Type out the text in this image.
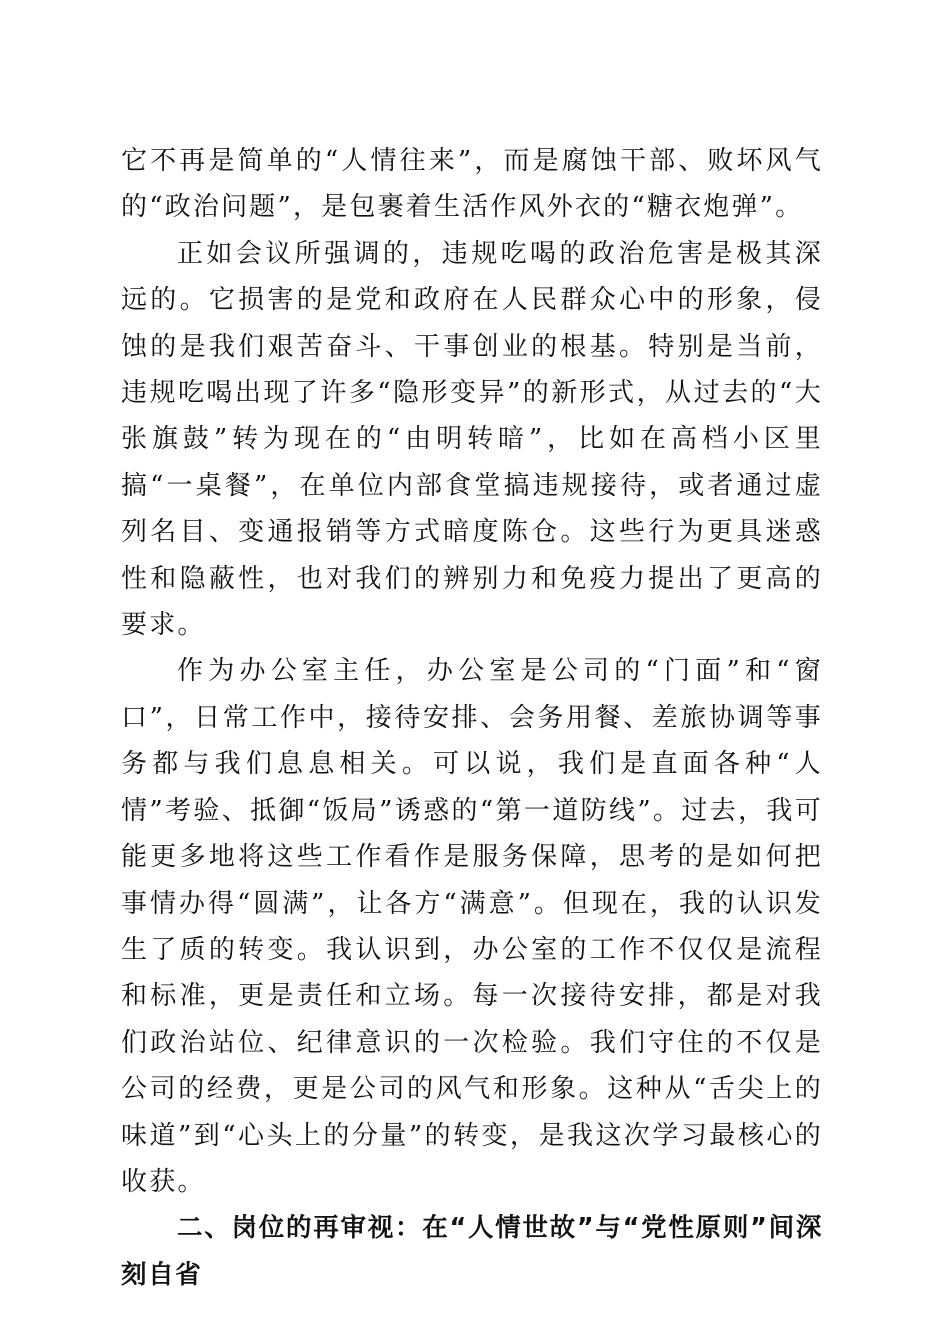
它不再是简单的“人情往来”，而是腐蚀干部、败坏风气的“政治问题”，是包裹着生活作风外衣的“糖衣炮弹”。

正如会议所强调的，违规吃喝的政治危害是极其深远的。它损害的是党和政府在人民群众心中的形象，侵蚀的是我们艰苦奋斗、干事创业的根基。特别是当前，违规吃喝出现了许多“隐形变异”的新形式，从过去的“大张旗鼓”转为现在的“由明转暗”，比如在高档小区里搞“一桌餐”，在单位内部食堂搞违规接待，或者通过虚列名目、变通报销等方式暗度陈仓。这些行为更具迷惑性和隐蔽性，也对我们的辨别力和免疫力提出了更高的要求。

作为办公室主任，办公室是公司的“门面”和“窗口”，日常工作中，接待安排、会务用餐、差旅协调等事务都与我们息息相关。可以说，我们是直面各种“人情”考验、抵御“饭局”诱惑的“第一道防线”。过去，我可能更多地将这些工作看作是服务保障，思考的是如何把事情办得“圆满”，让各方“满意”。但现在，我的认识发生了质的转变。我认识到，办公室的工作不仅仅是流程和标准，更是责任和立场。每一次接待安排，都是对我们政治站位、纪律意识的一次检验。我们守住的不仅是公司的经费，更是公司的风气和形象。这种从“舌尖上的味道”到“心头上的分量”的转变，是我这次学习最核心的收获。

二、岗位的再审视：在“人情世故”与“党性原则”间深刻自省
